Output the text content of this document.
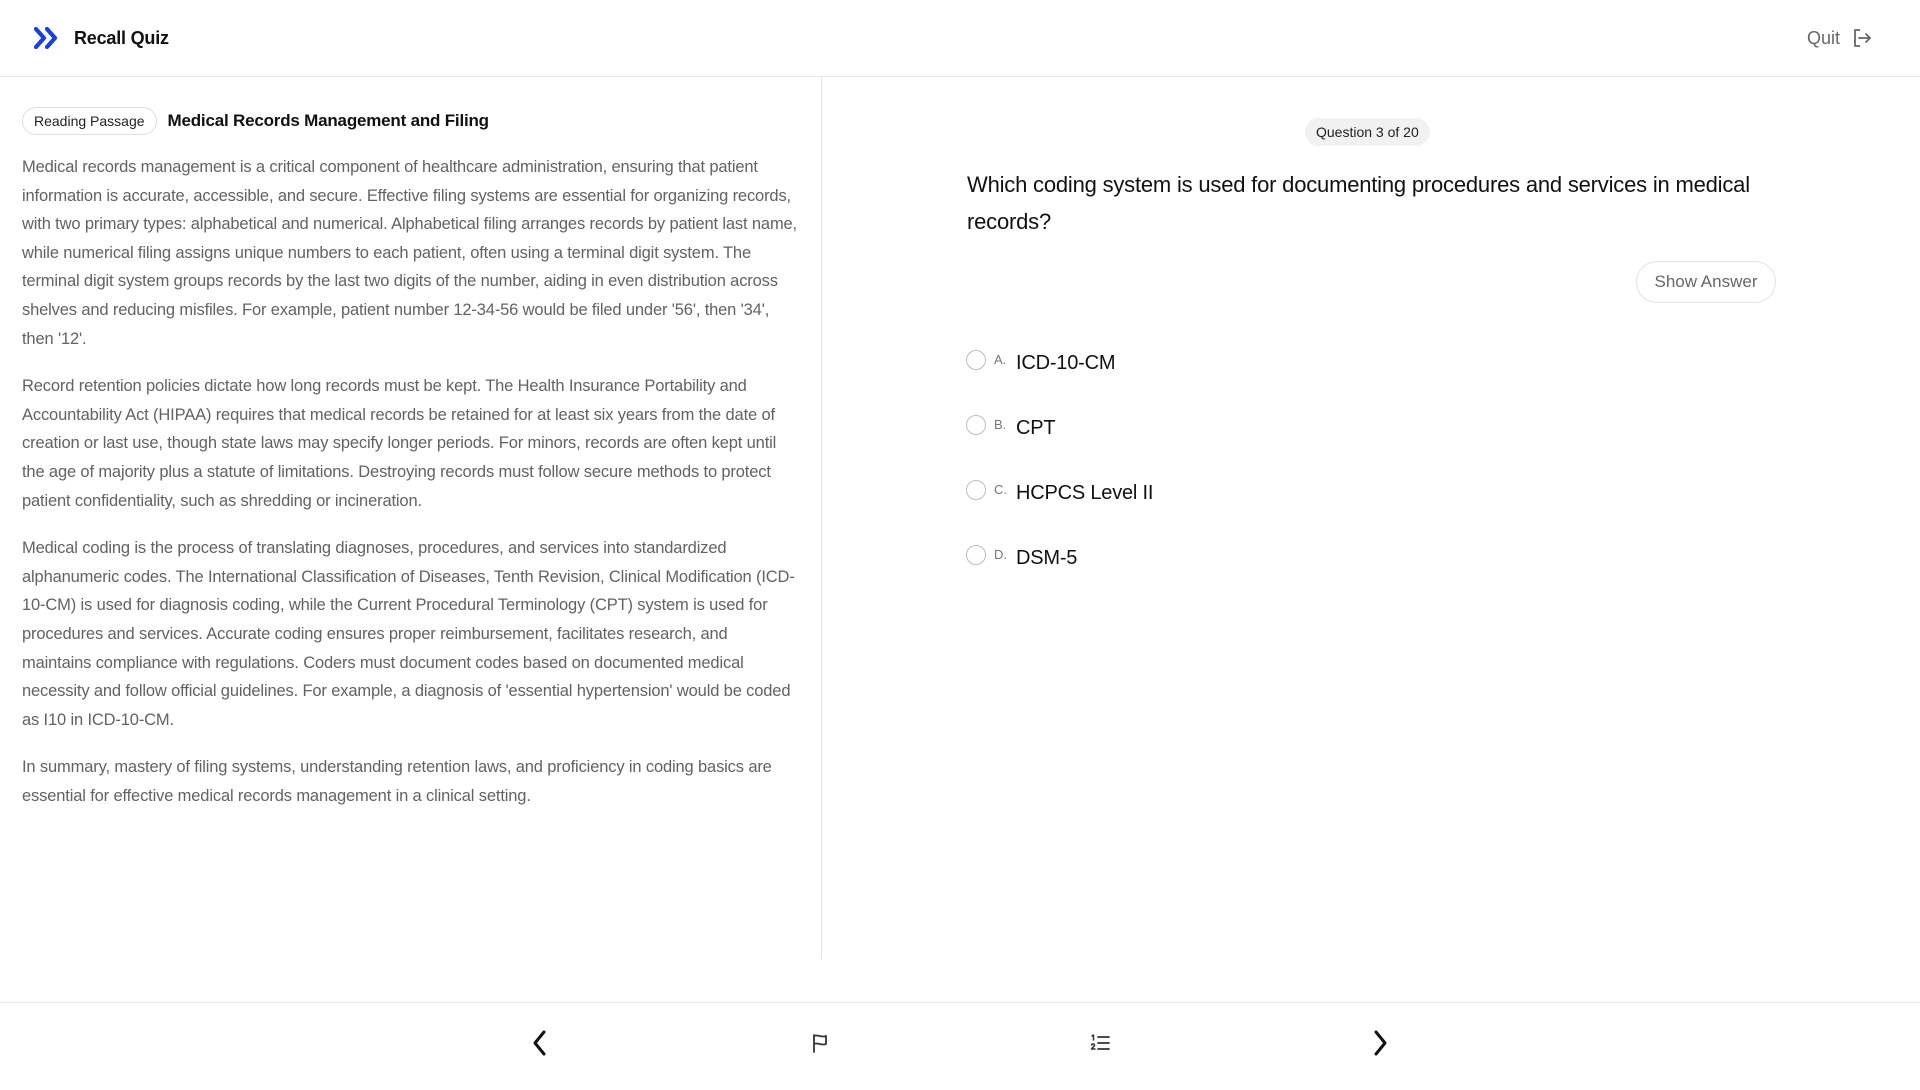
Recall Quiz	Quit
Reading Passage	Medical Records Management and Filing

Medical records management is a critical component of healthcare administration, ensuring that patient information is accurate, accessible, and secure. Effective filing systems are essential for organizing records, with two primary types: alphabetical and numerical. Alphabetical filing arranges records by patient last name, while numerical filing assigns unique numbers to each patient, often using a terminal digit system. The terminal digit system groups records by the last two digits of the number, aiding in even distribution across shelves and reducing misfiles. For example, patient number 12-34-56 would be filed under '56', then '34', then '12'.

Record retention policies dictate how long records must be kept. The Health Insurance Portability and Accountability Act (HIPAA) requires that medical records be retained for at least six years from the date of creation or last use, though state laws may specify longer periods. For minors, records are often kept until the age of majority plus a statute of limitations. Destroying records must follow secure methods to protect patient confidentiality, such as shredding or incineration.

Medical coding is the process of translating diagnoses, procedures, and services into standardized alphanumeric codes. The International Classification of Diseases, Tenth Revision, Clinical Modification (ICD-10-CM) is used for diagnosis coding, while the Current Procedural Terminology (CPT) system is used for procedures and services. Accurate coding ensures proper reimbursement, facilitates research, and maintains compliance with regulations. Coders must document codes based on documented medical necessity and follow official guidelines. For example, a diagnosis of 'essential hypertension' would be coded as I10 in ICD-10-CM.

In summary, mastery of filing systems, understanding retention laws, and proficiency in coding basics are essential for effective medical records management in a clinical setting.

Question 3 of 20
Which coding system is used for documenting procedures and services in medical records?
Show Answer
A. ICD-10-CM
B. CPT
C. HCPCS Level II
D. DSM-5
